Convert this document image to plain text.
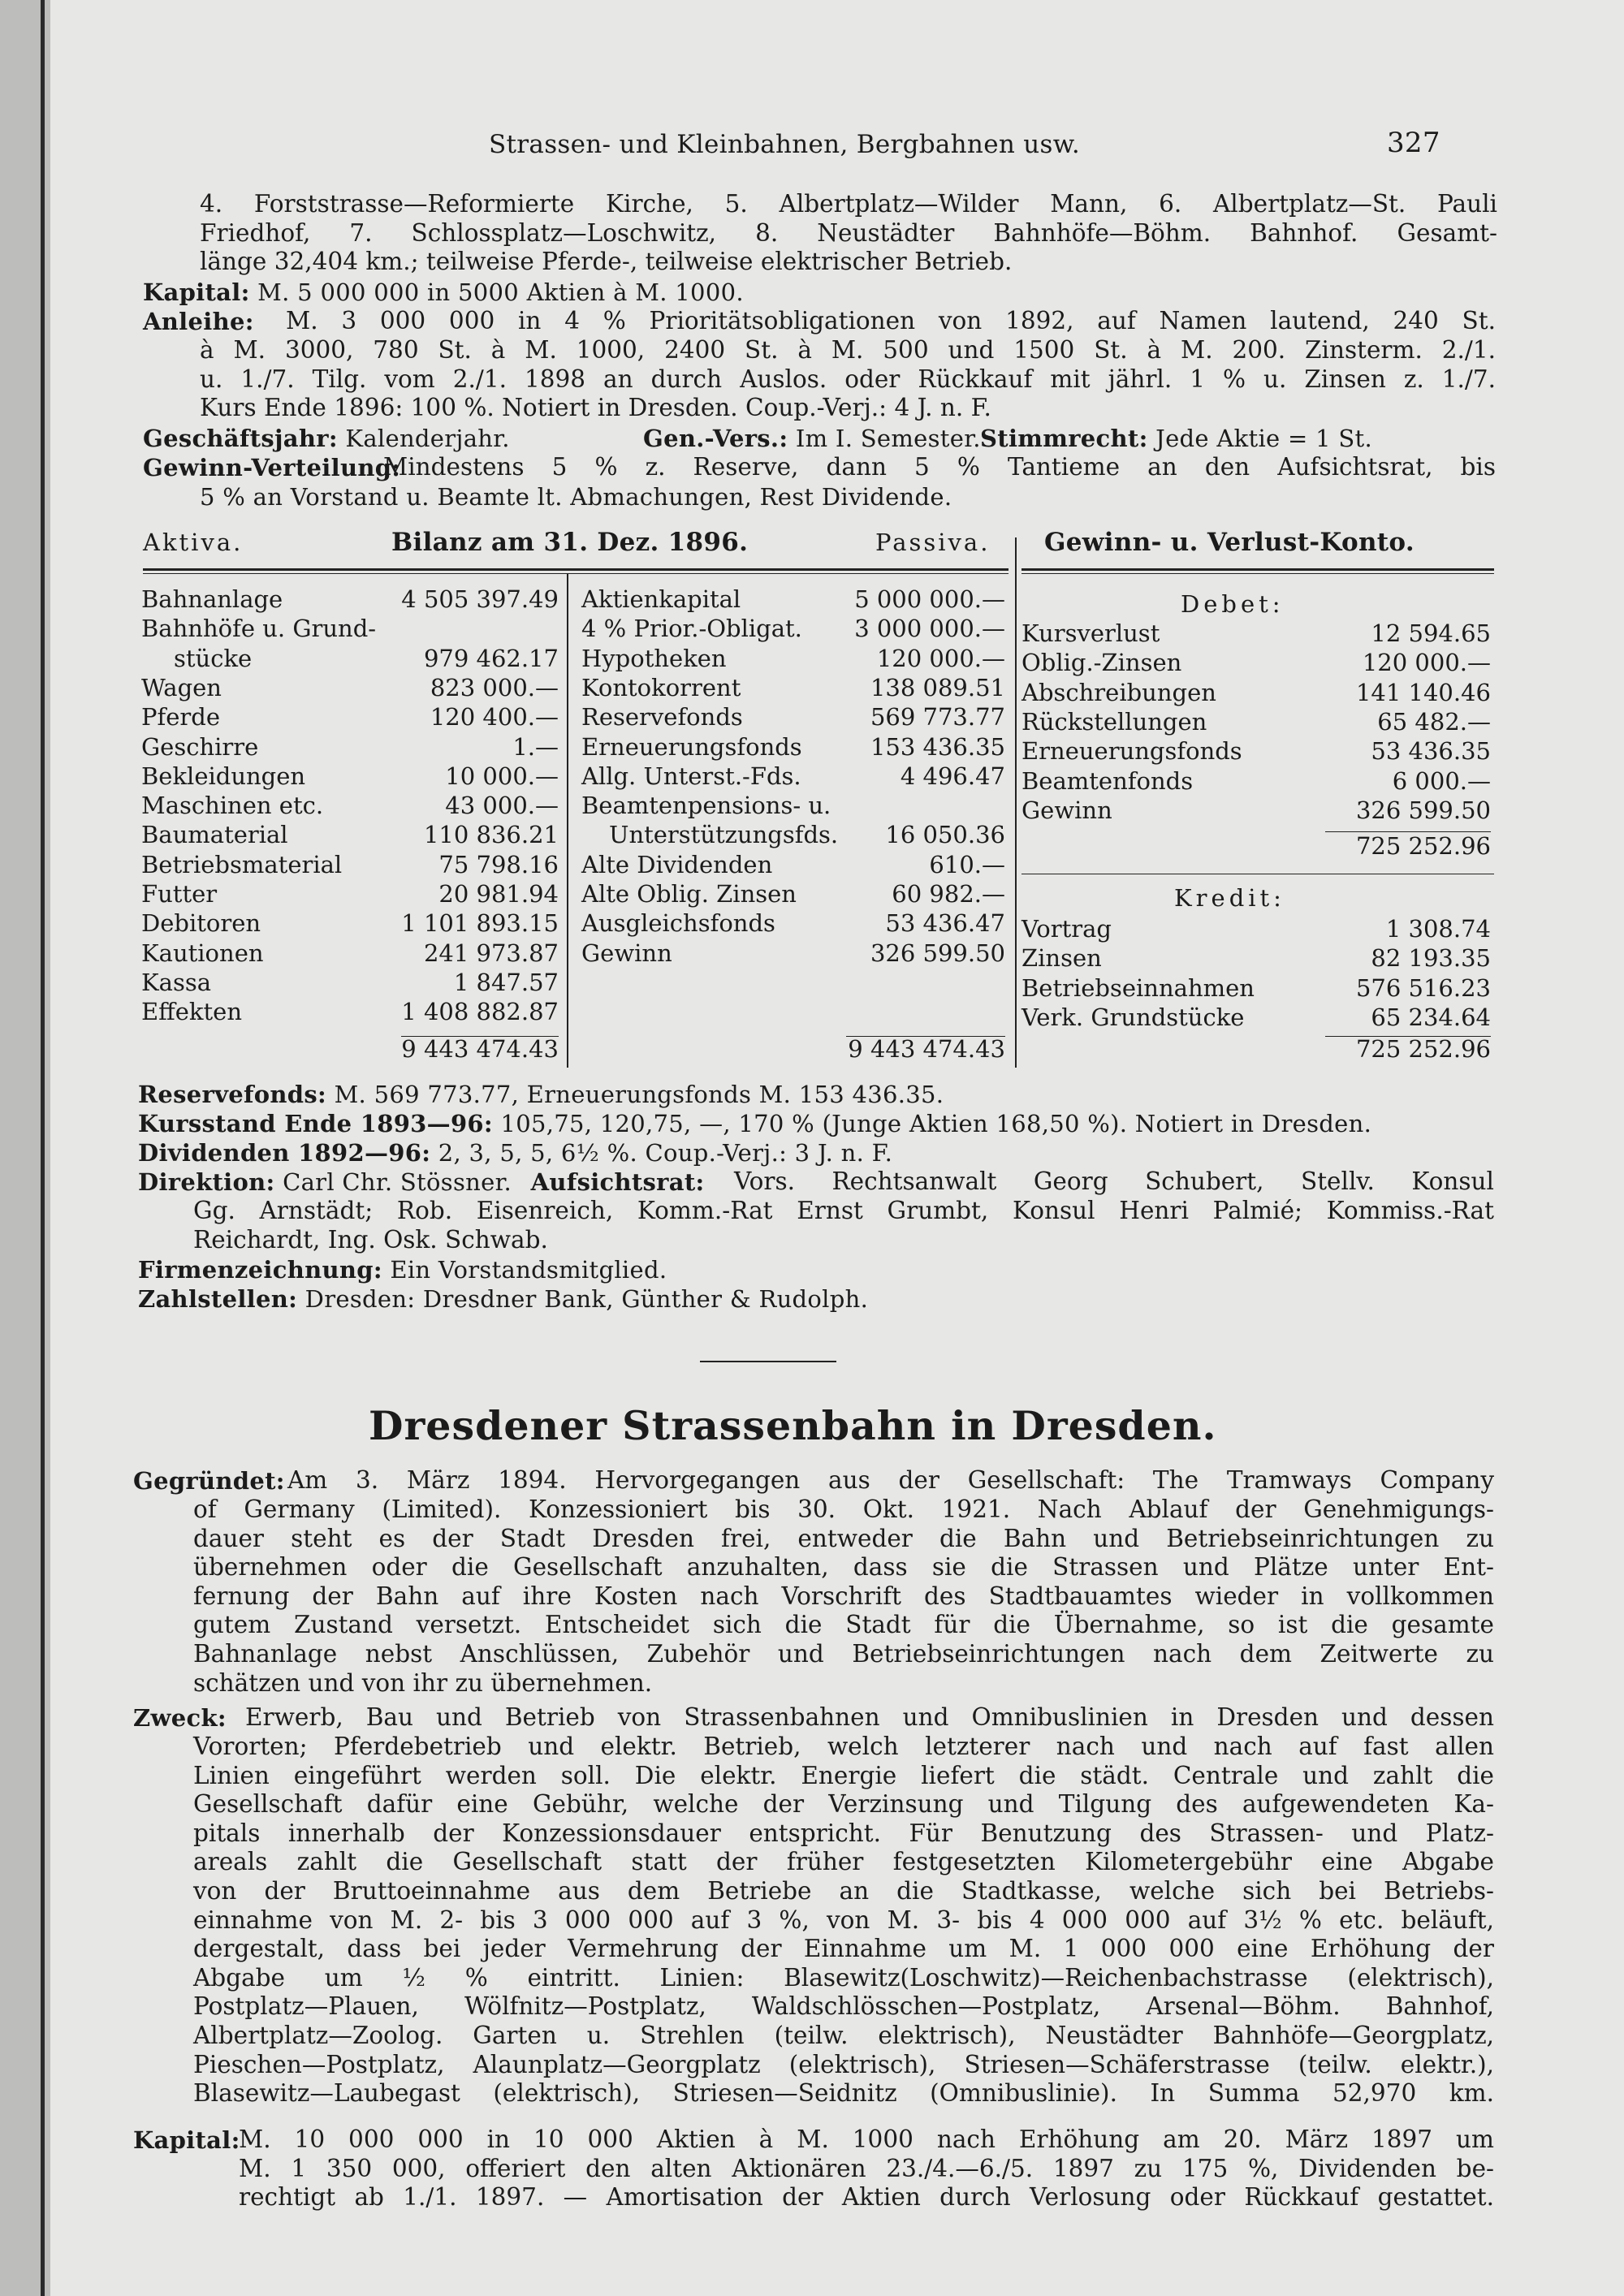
Strassen- und Kleinbahnen, Bergbahnen usw.	327
4. Forststrasse—Reformierte Kirche, 5. Albertplatz—Wilder Mann, 6. Albertplatz—St. Pauli
Friedhof, 7. Schlossplatz—Loschwitz, 8. Neustädter Bahnhöfe—Böhm. Bahnhof. Gesamt-
länge 32,404 km.; teilweise Pferde-, teilweise elektrischer Betrieb.
Kapital: M. 5 000 000 in 5000 Aktien à M. 1000.
Anleihe: M. 3 000 000 in 4 % Prioritätsobligationen von 1892, auf Namen lautend, 240 St.
à M. 3000, 780 St. à M. 1000, 2400 St. à M. 500 und 1500 St. à M. 200. Zinsterm. 2./1.
u. 1./7. Tilg. vom 2./1. 1898 an durch Auslos. oder Rückkauf mit jährl. 1 % u. Zinsen z. 1./7.
Kurs Ende 1896: 100 %. Notiert in Dresden. Coup.-Verj.: 4 J. n. F.
Geschäftsjahr: Kalenderjahr.	Gen.-Vers.: Im I. Semester. Stimmrecht: Jede Aktie = 1 St.
Gewinn-Verteilung:
Mindestens 5 % z. Reserve, dann 5 % Tantieme an den Aufsichtsrat, bis
5 % an Vorstand u. Beamte lt. Abmachungen, Rest Dividende.
Aktiva.	Bilanz am 31. Dez. 1896.	Passiva. Gewinn- u. Verlust-Konto.
Bahnanlage	4 505 397.49
Bahnhöfe u. Grund-
stücke	979 462.17
Wagen	823 000.—
Pferde	120 400.—
Geschirre	1.—
Bekleidungen	10 000.—
Maschinen etc.	43 000.—
Baumaterial	110 836.21
Betriebsmaterial	75 798.16
Futter	20 981.94
Debitoren	1 101 893.15
Kautionen	241 973.87
Kassa	1 847.57
Effekten	1 408 882.87
Aktienkapital	5 000 000.—
4 % Prior.-Obligat.	3 000 000.—
Hypotheken	120 000.—
Kontokorrent	138 089.51
Reservefonds	569 773.77
Erneuerungsfonds	153 436.35
Allg. Unterst.-Fds.	4 496.47
Beamtenpensions- u.
Unterstützungsfds.	16 050.36
Alte Dividenden	610.—
Alte Oblig. Zinsen	60 982.—
Ausgleichsfonds	53 436.47
Gewinn	326 599.50
Debet:
Kursverlust	12 594.65
Oblig.-Zinsen	120 000.—
Abschreibungen	141 140.46
Rückstellungen	65 482.—
Erneuerungsfonds	53 436.35
Beamtenfonds	6 000.—
Gewinn	326 599.50
725 252.96
Kredit:
Vortrag	1 308.74
Zinsen	82 193.35
Betriebseinnahmen	576 516.23
Verk. Grundstücke	65 234.64
725 252.96
9 443 474.43	9 443 474.43
Reservefonds: M. 569 773.77, Erneuerungsfonds M. 153 436.35.
Kursstand Ende 1893—96: 105,75, 120,75, —, 170 % (Junge Aktien 168,50 %). Notiert in Dresden.
Dividenden 1892—96: 2, 3, 5, 5, 6½ %. Coup.-Verj.: 3 J. n. F.
Direktion: Carl Chr. Stössner. Aufsichtsrat: Vors. Rechtsanwalt Georg Schubert, Stellv. Konsul
Gg. Arnstädt; Rob. Eisenreich, Komm.-Rat Ernst Grumbt, Konsul Henri Palmié; Kommiss.-Rat
Reichardt, Ing. Osk. Schwab.
Firmenzeichnung: Ein Vorstandsmitglied.
Zahlstellen: Dresden: Dresdner Bank, Günther & Rudolph.
Dresdener Strassenbahn in Dresden.
Gegründet: Am 3. März 1894. Hervorgegangen aus der Gesellschaft: The Tramways Company
of Germany (Limited). Konzessioniert bis 30. Okt. 1921. Nach Ablauf der Genehmigungs-
dauer steht es der Stadt Dresden frei, entweder die Bahn und Betriebseinrichtungen zu
übernehmen oder die Gesellschaft anzuhalten, dass sie die Strassen und Plätze unter Ent-
fernung der Bahn auf ihre Kosten nach Vorschrift des Stadtbauamtes wieder in vollkommen
gutem Zustand versetzt. Entscheidet sich die Stadt für die Übernahme, so ist die gesamte
Bahnanlage nebst Anschlüssen, Zubehör und Betriebseinrichtungen nach dem Zeitwerte zu
schätzen und von ihr zu übernehmen.
Zweck: Erwerb, Bau und Betrieb von Strassenbahnen und Omnibuslinien in Dresden und dessen
Vororten; Pferdebetrieb und elektr. Betrieb, welch letzterer nach und nach auf fast allen
Linien eingeführt werden soll. Die elektr. Energie liefert die städt. Centrale und zahlt die
Gesellschaft dafür eine Gebühr, welche der Verzinsung und Tilgung des aufgewendeten Ka-
pitals innerhalb der Konzessionsdauer entspricht. Für Benutzung des Strassen- und Platz-
areals zahlt die Gesellschaft statt der früher festgesetzten Kilometergebühr eine Abgabe
von der Bruttoeinnahme aus dem Betriebe an die Stadtkasse, welche sich bei Betriebs-
einnahme von M. 2- bis 3 000 000 auf 3 %, von M. 3- bis 4 000 000 auf 3½ % etc. beläuft,
dergestalt, dass bei jeder Vermehrung der Einnahme um M. 1 000 000 eine Erhöhung der
Abgabe um ½ % eintritt. Linien: Blasewitz(Loschwitz)—Reichenbachstrasse (elektrisch),
Postplatz—Plauen, Wölfnitz—Postplatz, Waldschlösschen—Postplatz, Arsenal—Böhm. Bahnhof,
Albertplatz—Zoolog. Garten u. Strehlen (teilw. elektrisch), Neustädter Bahnhöfe—Georgplatz,
Pieschen—Postplatz, Alaunplatz—Georgplatz (elektrisch), Striesen—Schäferstrasse (teilw. elektr.),
Blasewitz—Laubegast (elektrisch), Striesen—Seidnitz (Omnibuslinie). In Summa 52,970 km.
Kapital:
M. 10 000 000 in 10 000 Aktien à M. 1000 nach Erhöhung am 20. März 1897 um
M. 1 350 000, offeriert den alten Aktionären 23./4.—6./5. 1897 zu 175 %, Dividenden be-
rechtigt ab 1./1. 1897. — Amortisation der Aktien durch Verlosung oder Rückkauf gestattet.
